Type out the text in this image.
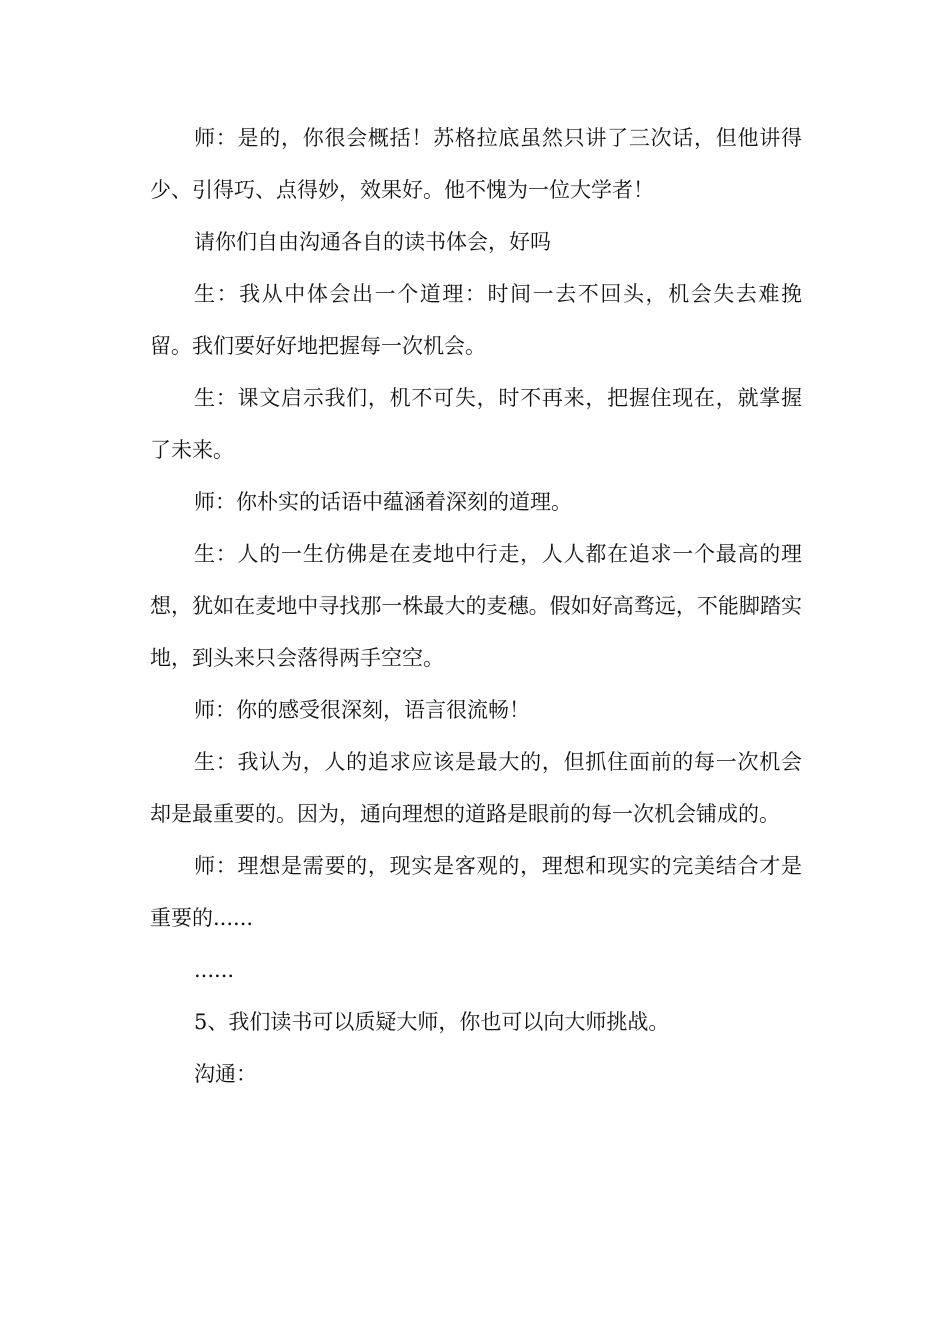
师：是的，你很会概括！苏格拉底虽然只讲了三次话，但他讲得少、引得巧、点得妙，效果好。他不愧为一位大学者！

请你们自由沟通各自的读书体会，好吗

生：我从中体会出一个道理：时间一去不回头，机会失去难挽留。我们要好好地把握每一次机会。

生：课文启示我们，机不可失，时不再来，把握住现在，就掌握了未来。

师：你朴实的话语中蕴涵着深刻的道理。

生：人的一生仿佛是在麦地中行走，人人都在追求一个最高的理想，犹如在麦地中寻找那一株最大的麦穗。假如好高骛远，不能脚踏实地，到头来只会落得两手空空。

师：你的感受很深刻，语言很流畅！

生：我认为，人的追求应该是最大的，但抓住面前的每一次机会却是最重要的。因为，通向理想的道路是眼前的每一次机会铺成的。

师：理想是需要的，现实是客观的，理想和现实的完美结合才是重要的......

......

5、我们读书可以质疑大师，你也可以向大师挑战。

沟通：
